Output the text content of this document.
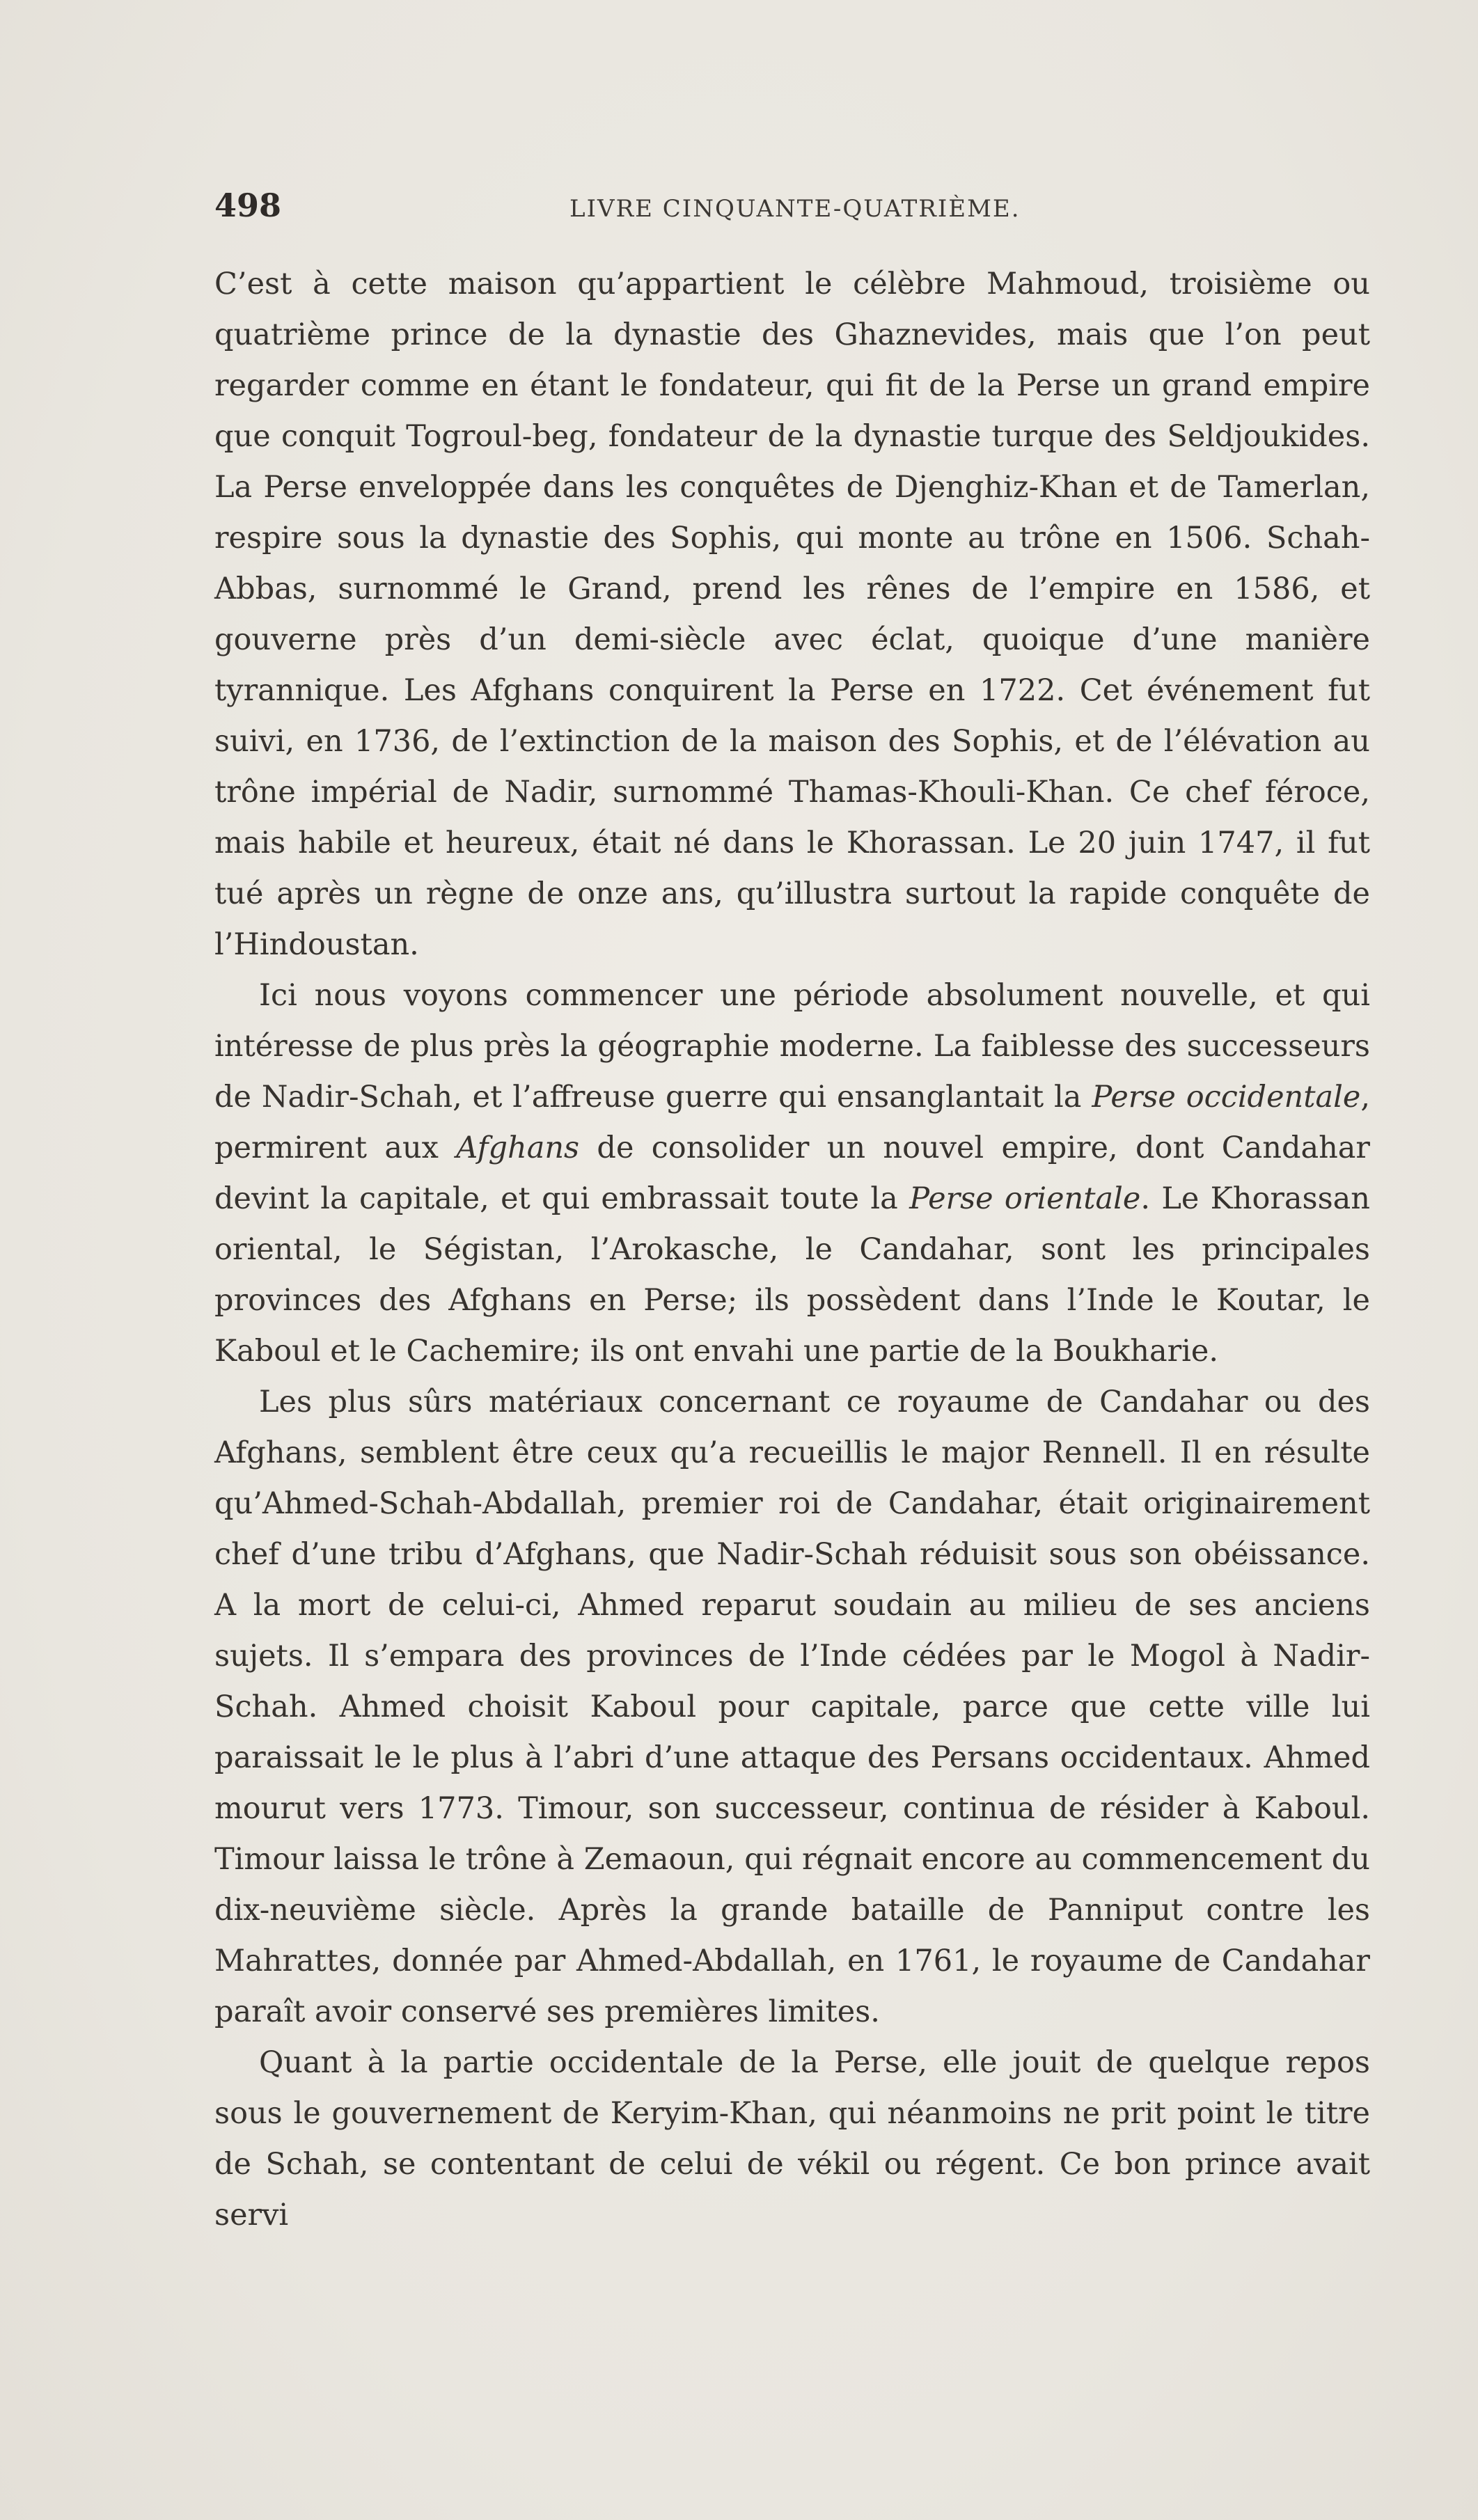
498	LIVRE CINQUANTE-QUATRIÈME.

C’est à cette maison qu’appartient le célèbre Mahmoud, troisième ou quatrième prince de la dynastie des Ghaznevides, mais que l’on peut regarder comme en étant le fondateur, qui fit de la Perse un grand empire que conquit Togroul-beg, fondateur de la dynastie turque des Seldjoukides. La Perse enveloppée dans les conquêtes de Djenghiz-Khan et de Tamerlan, respire sous la dynastie des Sophis, qui monte au trône en 1506. Schah-Abbas, surnommé le Grand, prend les rênes de l’empire en 1586, et gouverne près d’un demi-siècle avec éclat, quoique d’une manière tyrannique. Les Afghans conquirent la Perse en 1722. Cet événement fut suivi, en 1736, de l’extinction de la maison des Sophis, et de l’élévation au trône impérial de Nadir, surnommé Thamas-Khouli-Khan. Ce chef féroce, mais habile et heureux, était né dans le Khorassan. Le 20 juin 1747, il fut tué après un règne de onze ans, qu’illustra surtout la rapide conquête de l’Hindoustan.

Ici nous voyons commencer une période absolument nouvelle, et qui intéresse de plus près la géographie moderne. La faiblesse des successeurs de Nadir-Schah, et l’affreuse guerre qui ensanglantait la Perse occidentale, permirent aux Afghans de consolider un nouvel empire, dont Candahar devint la capitale, et qui embrassait toute la Perse orientale. Le Khorassan oriental, le Ségistan, l’Arokasche, le Candahar, sont les principales provinces des Afghans en Perse; ils possèdent dans l’Inde le Koutar, le Kaboul et le Cachemire; ils ont envahi une partie de la Boukharie.

Les plus sûrs matériaux concernant ce royaume de Candahar ou des Afghans, semblent être ceux qu’a recueillis le major Rennell. Il en résulte qu’Ahmed-Schah-Abdallah, premier roi de Candahar, était originairement chef d’une tribu d’Afghans, que Nadir-Schah réduisit sous son obéissance. A la mort de celui-ci, Ahmed reparut soudain au milieu de ses anciens sujets. Il s’empara des provinces de l’Inde cédées par le Mogol à Nadir-Schah. Ahmed choisit Kaboul pour capitale, parce que cette ville lui paraissait le le plus à l’abri d’une attaque des Persans occidentaux. Ahmed mourut vers 1773. Timour, son successeur, continua de résider à Kaboul. Timour laissa le trône à Zemaoun, qui régnait encore au commencement du dix-neuvième siècle. Après la grande bataille de Panniput contre les Mahrattes, donnée par Ahmed-Abdallah, en 1761, le royaume de Candahar paraît avoir conservé ses premières limites.

Quant à la partie occidentale de la Perse, elle jouit de quelque repos sous le gouvernement de Keryim-Khan, qui néanmoins ne prit point le titre de Schah, se contentant de celui de vékil ou régent. Ce bon prince avait servi
